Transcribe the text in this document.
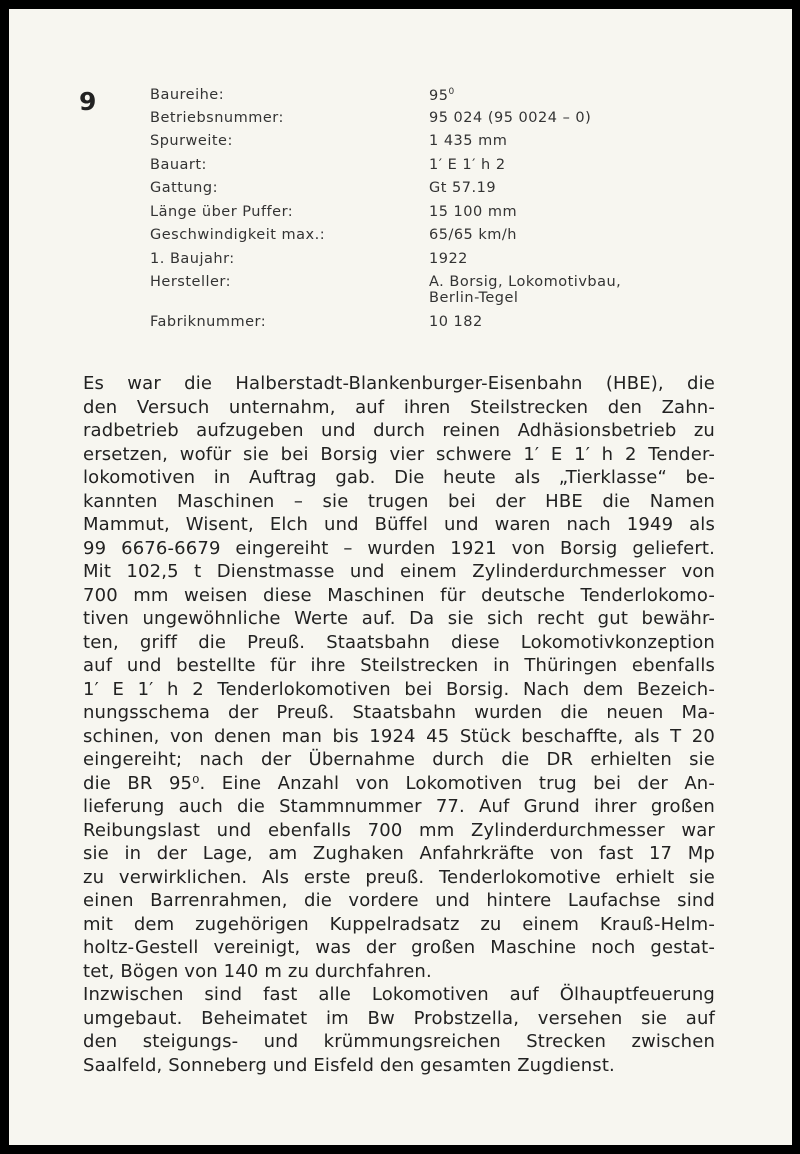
9	Baureihe:	$95^0$
Betriebsnummer:	95 024 (95 0024 – 0)
Spurweite:	1 435 mm
Bauart:	1′ E 1′ h 2
Gattung:	Gt 57.19
Länge über Puffer:	15 100 mm
Geschwindigkeit max.:	65/65 km/h
1. Baujahr:	1922
Hersteller:	A. Borsig, Lokomotivbau,
Berlin-Tegel
Fabriknummer:	10 182
Es war die Halberstadt-Blankenburger-Eisenbahn (HBE), die
den Versuch unternahm, auf ihren Steilstrecken den Zahn-
radbetrieb aufzugeben und durch reinen Adhäsionsbetrieb zu
ersetzen, wofür sie bei Borsig vier schwere 1′ E 1′ h 2 Tender-
lokomotiven in Auftrag gab. Die heute als „Tierklasse“ be-
kannten Maschinen – sie trugen bei der HBE die Namen
Mammut, Wisent, Elch und Büffel und waren nach 1949 als
99 6676-6679 eingereiht – wurden 1921 von Borsig geliefert.
Mit 102,5 t Dienstmasse und einem Zylinderdurchmesser von
700 mm weisen diese Maschinen für deutsche Tenderlokomo-
tiven ungewöhnliche Werte auf. Da sie sich recht gut bewähr-
ten, griff die Preuß. Staatsbahn diese Lokomotivkonzeption
auf und bestellte für ihre Steilstrecken in Thüringen ebenfalls
1′ E 1′ h 2 Tenderlokomotiven bei Borsig. Nach dem Bezeich-
nungsschema der Preuß. Staatsbahn wurden die neuen Ma-
schinen, von denen man bis 1924 45 Stück beschaffte, als T 20
eingereiht; nach der Übernahme durch die DR erhielten sie
die BR 95⁰. Eine Anzahl von Lokomotiven trug bei der An-
lieferung auch die Stammnummer 77. Auf Grund ihrer großen
Reibungslast und ebenfalls 700 mm Zylinderdurchmesser war
sie in der Lage, am Zughaken Anfahrkräfte von fast 17 Mp
zu verwirklichen. Als erste preuß. Tenderlokomotive erhielt sie
einen Barrenrahmen, die vordere und hintere Laufachse sind
mit dem zugehörigen Kuppelradsatz zu einem Krauß-Helm-
holtz-Gestell vereinigt, was der großen Maschine noch gestat-
tet, Bögen von 140 m zu durchfahren.
Inzwischen sind fast alle Lokomotiven auf Ölhauptfeuerung
umgebaut. Beheimatet im Bw Probstzella, versehen sie auf
den steigungs- und krümmungsreichen Strecken zwischen
Saalfeld, Sonneberg und Eisfeld den gesamten Zugdienst.
